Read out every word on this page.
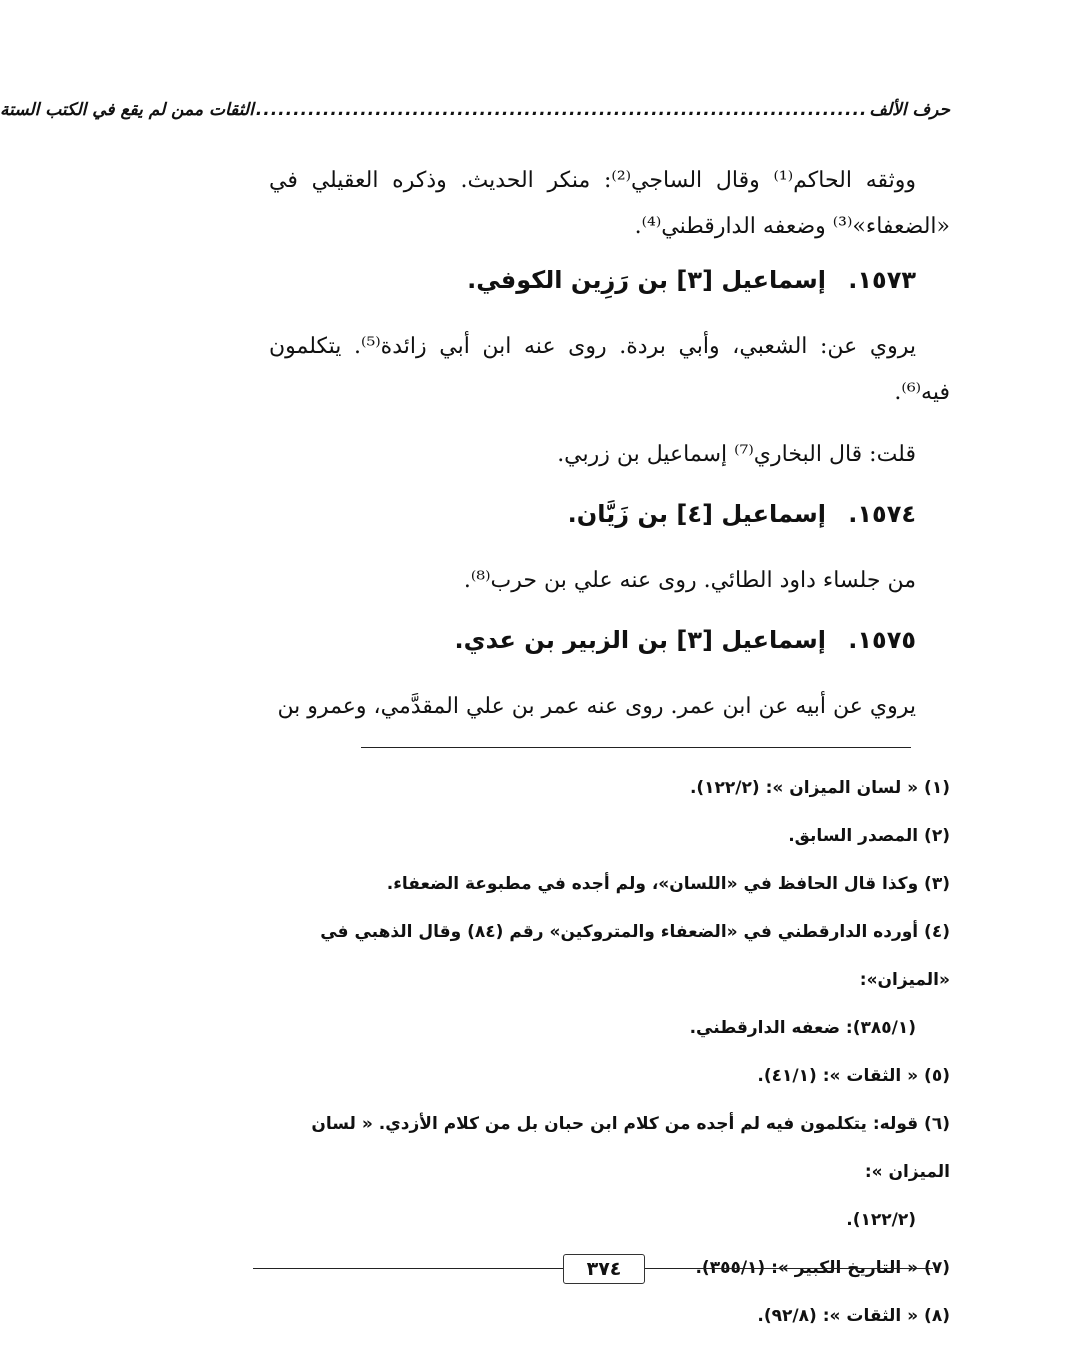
حرف الألف
..................................................................................
الثقات ممن لم يقع في الكتب الستة

ووثقه الحاكم⁽¹⁾ وقال الساجي⁽²⁾: منكر الحديث. وذكره العقيلي في «الضعفاء»⁽³⁾ وضعفه الدارقطني⁽⁴⁾.

١٥٧٣. إسماعيل [٣] بن رَزِين الكوفي.

يروي عن: الشعبي، وأبي بردة. روى عنه ابن أبي زائدة⁽⁵⁾. يتكلمون فيه⁽⁶⁾.

قلت: قال البخاري⁽⁷⁾ إسماعيل بن زربي.

١٥٧٤. إسماعيل [٤] بن زَيَّان.

من جلساء داود الطائي. روى عنه علي بن حرب⁽⁸⁾.

١٥٧٥. إسماعيل [٣] بن الزبير بن عدي.

يروي عن أبيه عن ابن عمر. روى عنه عمر بن علي المقدَّمي، وعمرو بن

(١) « لسان الميزان »: (١٢٢/٢).

(٢) المصدر السابق.

(٣) وكذا قال الحافظ في «اللسان»، ولم أجده في مطبوعة الضعفاء.

(٤) أورده الدارقطني في «الضعفاء والمتروكين» رقم (٨٤) وقال الذهبي في «الميزان»:
(٣٨٥/١): ضعفه الدارقطني.

(٥) « الثقات »: (٤١/١).

(٦) قوله: يتكلمون فيه لم أجده من كلام ابن حبان بل من كلام الأزدي. « لسان الميزان »:
(١٢٢/٢).

(٧) « التاريخ الكبير »: (٣٥٥/١).

(٨) « الثقات »: (٩٢/٨).

٣٧٤
